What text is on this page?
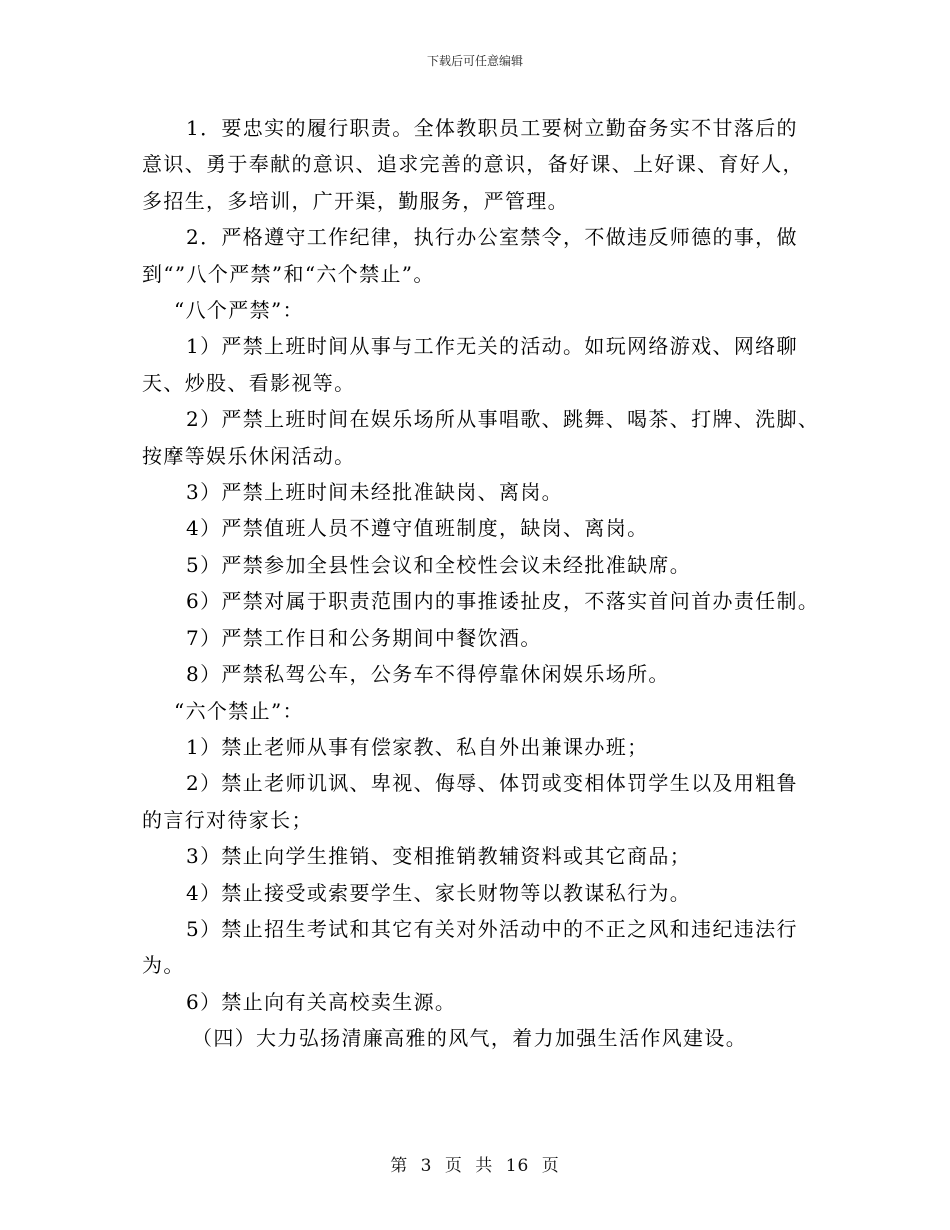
下载后可任意编辑

1．要忠实的履行职责。全体教职员工要树立勤奋务实不甘落后的

意识、勇于奉献的意识、追求完善的意识，备好课、上好课、育好人，

多招生，多培训，广开渠，勤服务，严管理。

2．严格遵守工作纪律，执行办公室禁令，不做违反师德的事，做

到“”八个严禁”和“六个禁止”。

“八个严禁”：

1）严禁上班时间从事与工作无关的活动。如玩网络游戏、网络聊

天、炒股、看影视等。

2）严禁上班时间在娱乐场所从事唱歌、跳舞、喝茶、打牌、洗脚、

按摩等娱乐休闲活动。

3）严禁上班时间未经批准缺岗、离岗。

4）严禁值班人员不遵守值班制度，缺岗、离岗。

5）严禁参加全县性会议和全校性会议未经批准缺席。

6）严禁对属于职责范围内的事推诿扯皮，不落实首问首办责任制。

7）严禁工作日和公务期间中餐饮酒。

8）严禁私驾公车，公务车不得停靠休闲娱乐场所。

“六个禁止”：

1）禁止老师从事有偿家教、私自外出兼课办班；

2）禁止老师讥讽、卑视、侮辱、体罚或变相体罚学生以及用粗鲁

的言行对待家长；

3）禁止向学生推销、变相推销教辅资料或其它商品；

4）禁止接受或索要学生、家长财物等以教谋私行为。

5）禁止招生考试和其它有关对外活动中的不正之风和违纪违法行

为。

6）禁止向有关高校卖生源。

（四）大力弘扬清廉高雅的风气，着力加强生活作风建设。

第 3 页 共 16 页
